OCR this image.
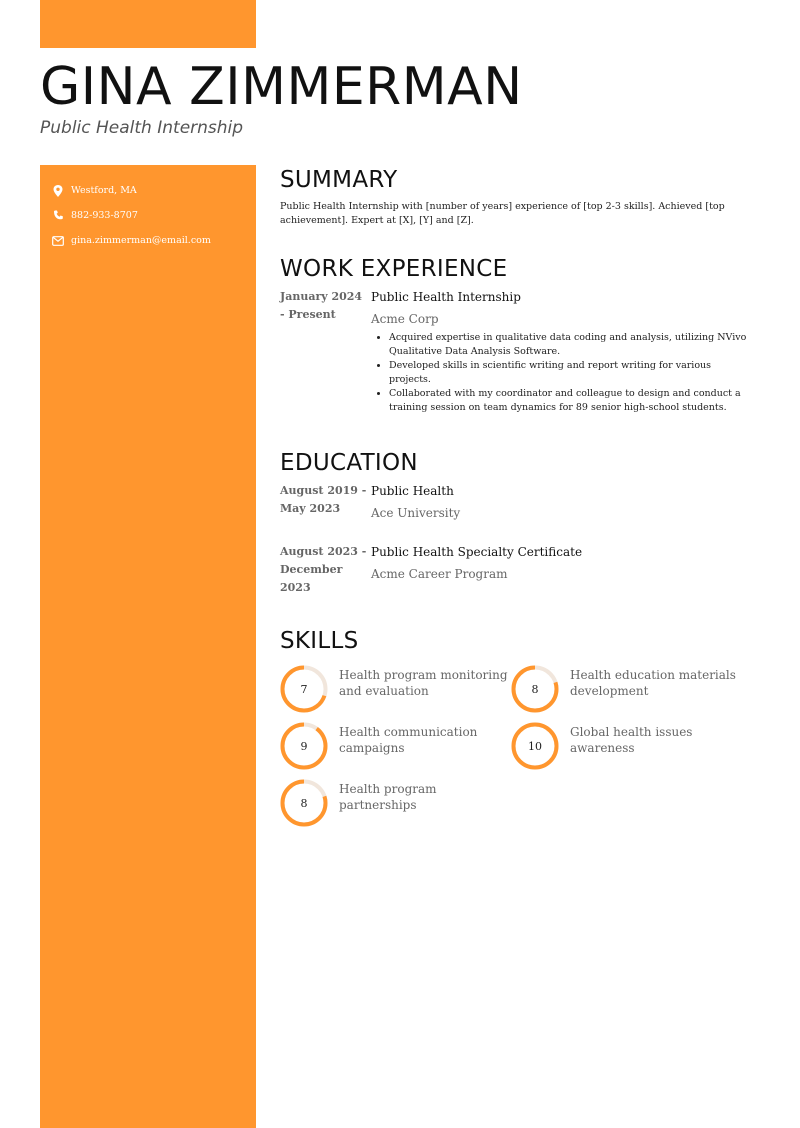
GINA ZIMMERMAN
Public Health Internship
Westford, MA
882-933-8707
gina.zimmerman@email.com
SUMMARY
Public Health Internship with [number of years] experience of [top 2-3 skills]. Achieved [top achievement]. Expert at [X], [Y] and [Z].
WORK EXPERIENCE
January 2024
- Present
Public Health Internship
Acme Corp
• Acquired expertise in qualitative data coding and analysis, utilizing NVivo Qualitative Data Analysis Software.
• Developed skills in scientific writing and report writing for various projects.
• Collaborated with my coordinator and colleague to design and conduct a training session on team dynamics for 89 senior high-school students.
EDUCATION
August 2019 -
May 2023
Public Health
Ace University
August 2023 -
December 2023
Public Health Specialty Certificate
Acme Career Program
SKILLS
7
Health program monitoring and evaluation	8
Health education materials development
9
Health communication campaigns	10
Global health issues awareness
8
Health program partnerships
